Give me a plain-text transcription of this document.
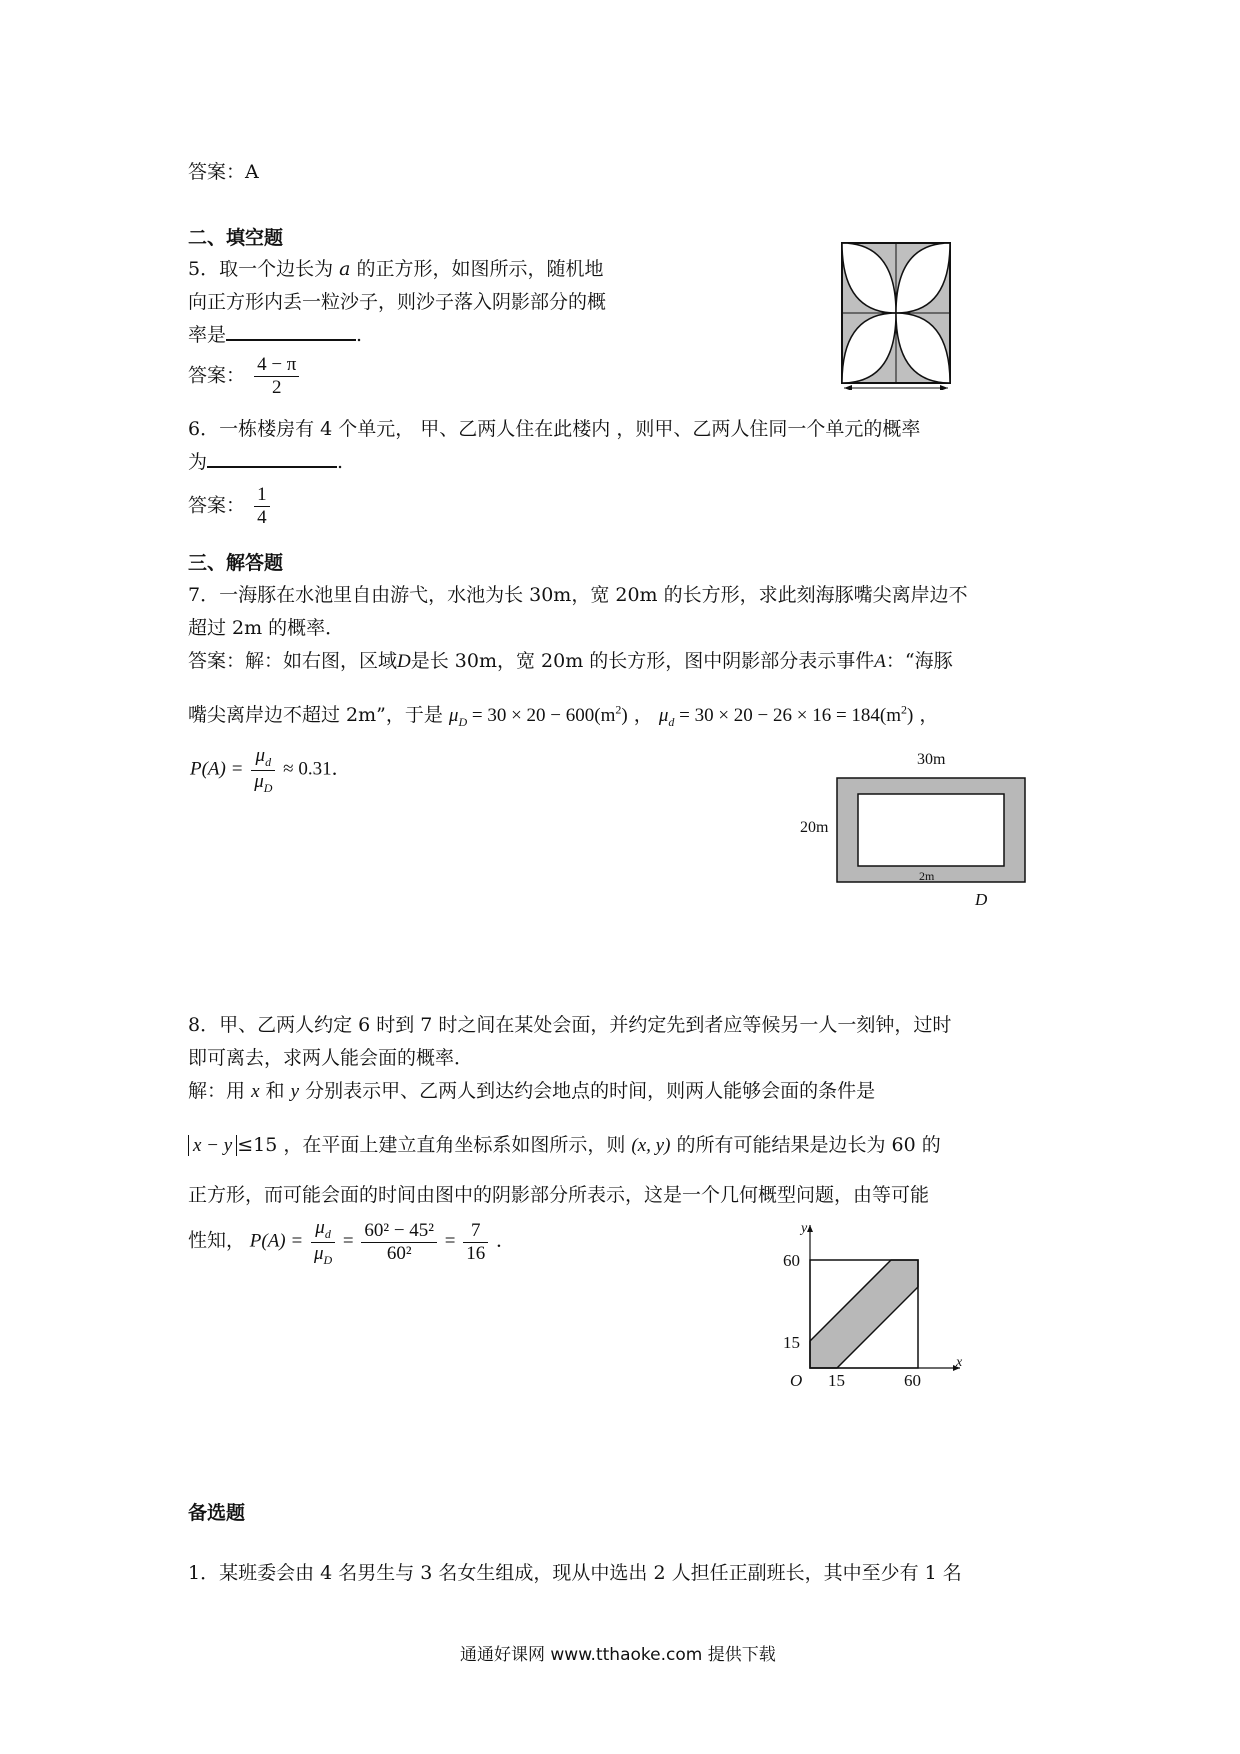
答案：A
二、填空题
5．取一个边长为 a 的正方形，如图所示，随机地
向正方形内丢一粒沙子，则沙子落入阴影部分的概
率是	.
答案： $\frac{4 - \pi}{2}$
6．一栋楼房有 4 个单元， 甲、乙两人住在此楼内 ，则甲、乙两人住同一个单元的概率
为	.
答案： $\frac{1}{4}$
三、解答题
7．一海豚在水池里自由游弋，水池为长 30m，宽 20m 的长方形，求此刻海豚嘴尖离岸边不
超过 2m 的概率．
答案：解：如右图，区域D是长 30m，宽 20m 的长方形，图中阴影部分表示事件A：“海豚
嘴尖离岸边不超过 2m”，于是 $\mu_D = 30 \times 20 - 600(m^2)$ ， $\mu_d = 30 \times 20 - 26 \times 16 = 184(m^2)$ ，
$P(A) = \frac{\mu_d}{\mu_D} \approx 0.31$．	30m
20m
2m
D
8．甲、乙两人约定 6 时到 7 时之间在某处会面，并约定先到者应等候另一人一刻钟，过时
即可离去，求两人能会面的概率．
解：用 x 和 y 分别表示甲、乙两人到达约会地点的时间，则两人能够会面的条件是
x − y ≤15 ，在平面上建立直角坐标系如图所示，则 (x, y) 的所有可能结果是边长为 60 的
正方形，而可能会面的时间由图中的阴影部分所表示，这是一个几何概型问题，由等可能
性知， $P(A) = \frac{\mu_d}{\mu_D} = \frac{\text{60² − 45²}}{\text{60²}} = \frac{7}{16}$ ．
y
x
O
60
15
15	60
备选题
1．某班委会由 4 名男生与 3 名女生组成，现从中选出 2 人担任正副班长，其中至少有 1 名
通通好课网 www.tthaoke.com 提供下载
